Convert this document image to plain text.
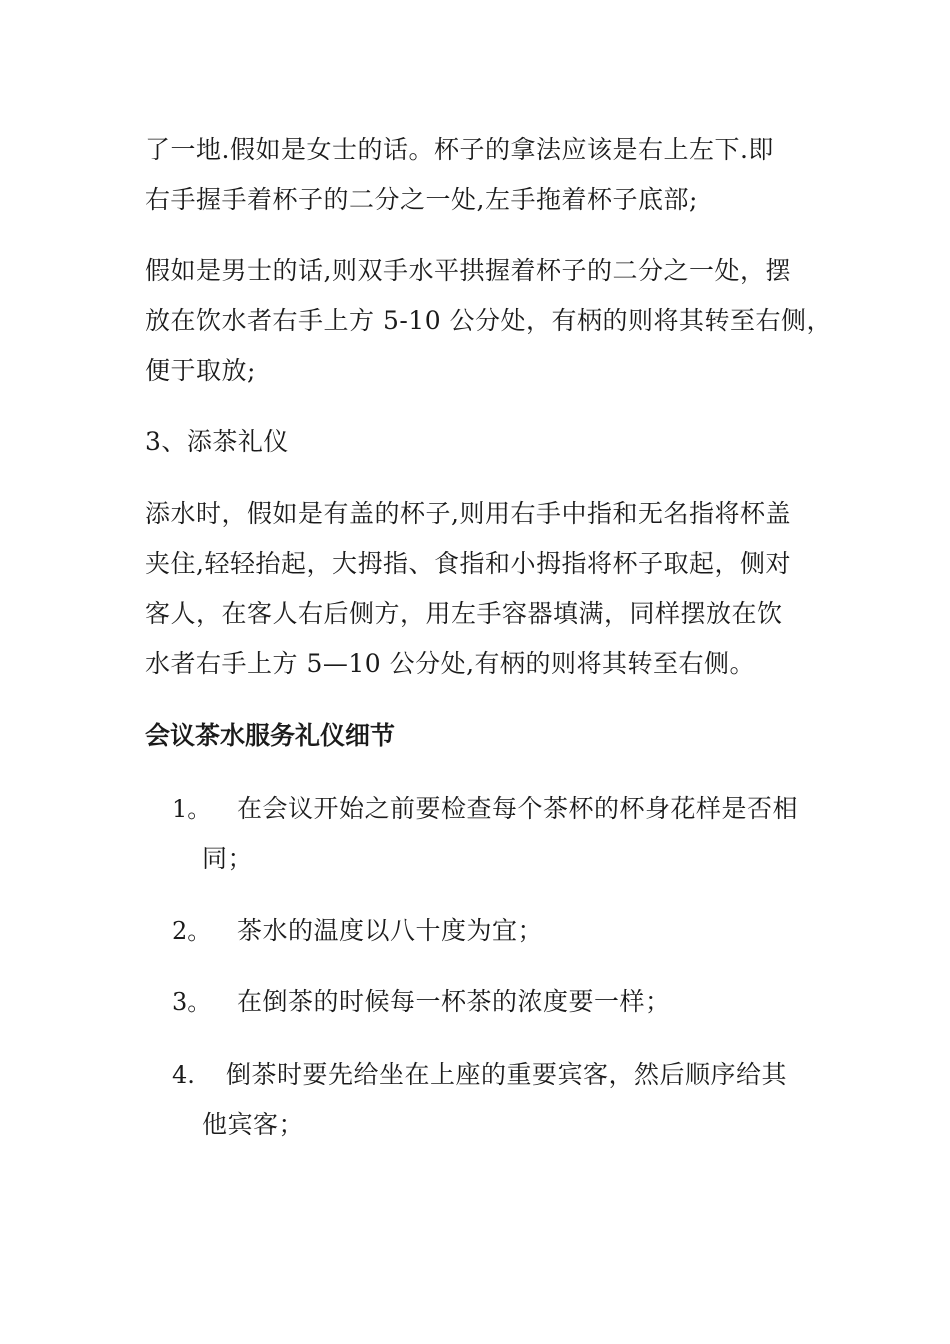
了一地.假如是女士的话。杯子的拿法应该是右上左下.即
右手握手着杯子的二分之一处,左手拖着杯子底部;
假如是男士的话,则双手水平拱握着杯子的二分之一处，摆
放在饮水者右手上方 5-10 公分处，有柄的则将其转至右侧，
便于取放;
3、添茶礼仪
添水时，假如是有盖的杯子,则用右手中指和无名指将杯盖
夹住,轻轻抬起，大拇指、食指和小拇指将杯子取起，侧对
客人，在客人右后侧方，用左手容器填满，同样摆放在饮
水者右手上方 5—10 公分处,有柄的则将其转至右侧。
会议茶水服务礼仪细节
1。 在会议开始之前要检查每个茶杯的杯身花样是否相
同；
2。 茶水的温度以八十度为宜；
3。 在倒茶的时候每一杯茶的浓度要一样；
4. 倒茶时要先给坐在上座的重要宾客，然后顺序给其
他宾客；
